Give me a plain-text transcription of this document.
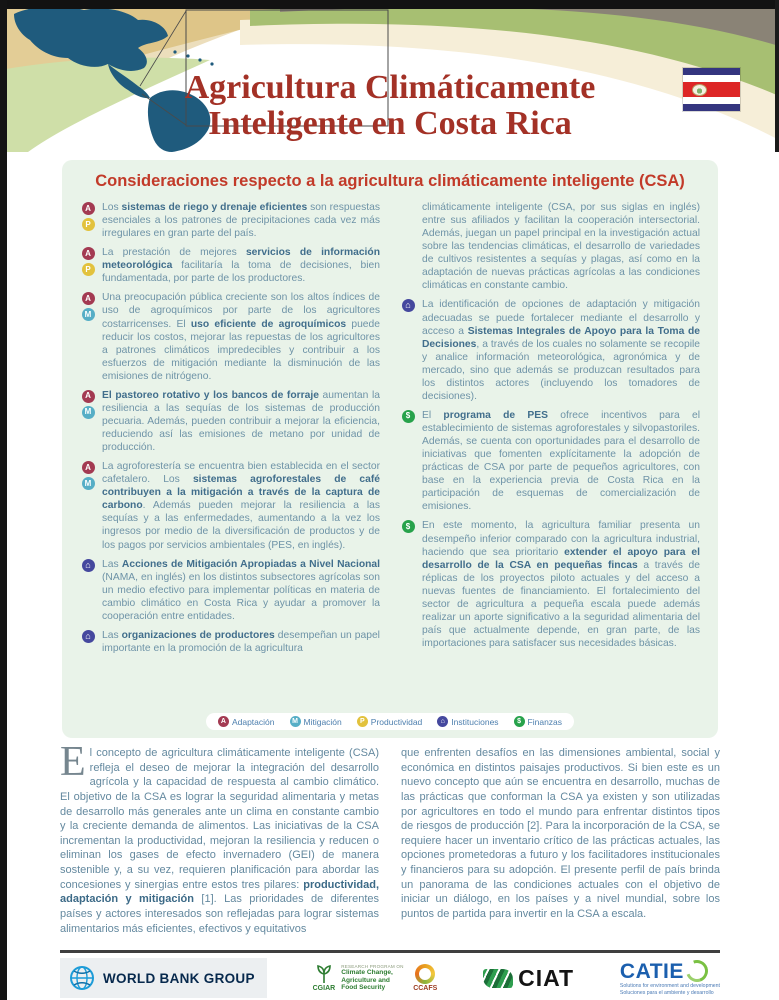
Agricultura Climáticamente
Inteligente en Costa Rica
Consideraciones respecto a la agricultura climáticamente inteligente (CSA)
A
P
Los sistemas de riego y drenaje eficientes son respuestas esenciales a los patrones de precipitaciones cada vez más irregulares en gran parte del país.
A
P
La prestación de mejores servicios de información meteorológica facilitaría la toma de decisiones, bien fundamentada, por parte de los productores.
A
M
Una preocupación pública creciente son los altos índices de uso de agroquímicos por parte de los agricultores costarricenses. El uso eficiente de agroquímicos puede reducir los costos, mejorar las repuestas de los agricultores a patrones climáticos impredecibles y contribuir a los esfuerzos de mitigación mediante la disminución de las emisiones de nitrógeno.
A
M
El pastoreo rotativo y los bancos de forraje aumentan la resiliencia a las sequías de los sistemas de producción pecuaria. Además, pueden contribuir a mejorar la eficiencia, reduciendo así las emisiones de metano por unidad de producción.
A
M
La agroforestería se encuentra bien establecida en el sector cafetalero. Los sistemas agroforestales de café contribuyen a la mitigación a través de la captura de carbono. Además pueden mejorar la resiliencia a las sequías y a las enfermedades, aumentando a la vez los ingresos por medio de la diversificación de productos y de los pagos por servicios ambientales (PES, en inglés).
⌂	Las Acciones de Mitigación Apropiadas a Nivel Nacional (NAMA, en inglés) en los distintos subsectores agrícolas son un medio efectivo para implementar políticas en materia de cambio climático en Costa Rica y ayudar a promover la cooperación entre entidades.
⌂	Las organizaciones de productores desempeñan un papel importante en la promoción de la agricultura
climáticamente inteligente (CSA, por sus siglas en inglés) entre sus afiliados y facilitan la cooperación intersectorial. Además, juegan un papel principal en la investigación actual sobre las tendencias climáticas, el desarrollo de variedades de cultivos resistentes a sequías y plagas, así como en la adaptación de nuevas prácticas agrícolas a las condiciones climáticas en constante cambio.
⌂	La identificación de opciones de adaptación y mitigación adecuadas se puede fortalecer mediante el desarrollo y acceso a Sistemas Integrales de Apoyo para la Toma de Decisiones, a través de los cuales no solamente se recopile y analice información meteorológica, agronómica y de mercado, sino que además se produzcan resultados para los distintos actores (incluyendo los tomadores de decisiones).
$	El programa de PES ofrece incentivos para el establecimiento de sistemas agroforestales y silvopastoriles. Además, se cuenta con oportunidades para el desarrollo de iniciativas que fomenten explícitamente la adopción de prácticas de CSA por parte de pequeños agricultores, con base en la experiencia previa de Costa Rica en la participación de esquemas de comercialización de emisiones.
$	En este momento, la agricultura familiar presenta un desempeño inferior comparado con la agricultura industrial, haciendo que sea prioritario extender el apoyo para el desarrollo de la CSA en pequeñas fincas a través de réplicas de los proyectos piloto actuales y del acceso a nuevas fuentes de financiamiento. El fortalecimiento del sector de agricultura a pequeña escala puede además realizar un aporte significativo a la seguridad alimentaria del país que actualmente depende, en gran parte, de las importaciones para satisfacer sus necesidades básicas.
A Adaptación	M Mitigación	P Productividad	⌂ Instituciones	$ Finanzas
El concepto de agricultura climáticamente inteligente (CSA) refleja el deseo de mejorar la integración del desarrollo agrícola y la capacidad de respuesta al cambio climático. El objetivo de la CSA es lograr la seguridad alimentaria y metas de desarrollo más generales ante un clima en constante cambio y la creciente demanda de alimentos. Las iniciativas de la CSA incrementan la productividad, mejoran la resiliencia y reducen o eliminan los gases de efecto invernadero (GEI) de manera sostenible y, a su vez, requieren planificación para abordar las concesiones y sinergias entre estos tres pilares: productividad, adaptación y mitigación [1]. Las prioridades de diferentes países y actores interesados son reflejadas para lograr sistemas alimentarios más eficientes, efectivos y equitativos
que enfrenten desafíos en las dimensiones ambiental, social y económica en distintos paisajes productivos. Si bien este es un nuevo concepto que aún se encuentra en desarrollo, muchas de las prácticas que conforman la CSA ya existen y son utilizadas por agricultores en todo el mundo para enfrentar distintos tipos de riesgos de producción [2]. Para la incorporación de la CSA, se requiere hacer un inventario crítico de las prácticas actuales, las opciones prometedoras a futuro y los facilitadores institucionales y financieros para su adopción. El presente perfil de país brinda un panorama de las condiciones actuales con el objetivo de iniciar un diálogo, en los países y a nivel mundial, sobre los puntos de partida para invertir en la CSA a escala.
WORLD BANK GROUP
CGIAR
RESEARCH PROGRAM ON
Climate Change, Agriculture and Food Security	CCAFS	CIAT CATIE
Solutions for environment and development
Soluciones para el ambiente y desarrollo
